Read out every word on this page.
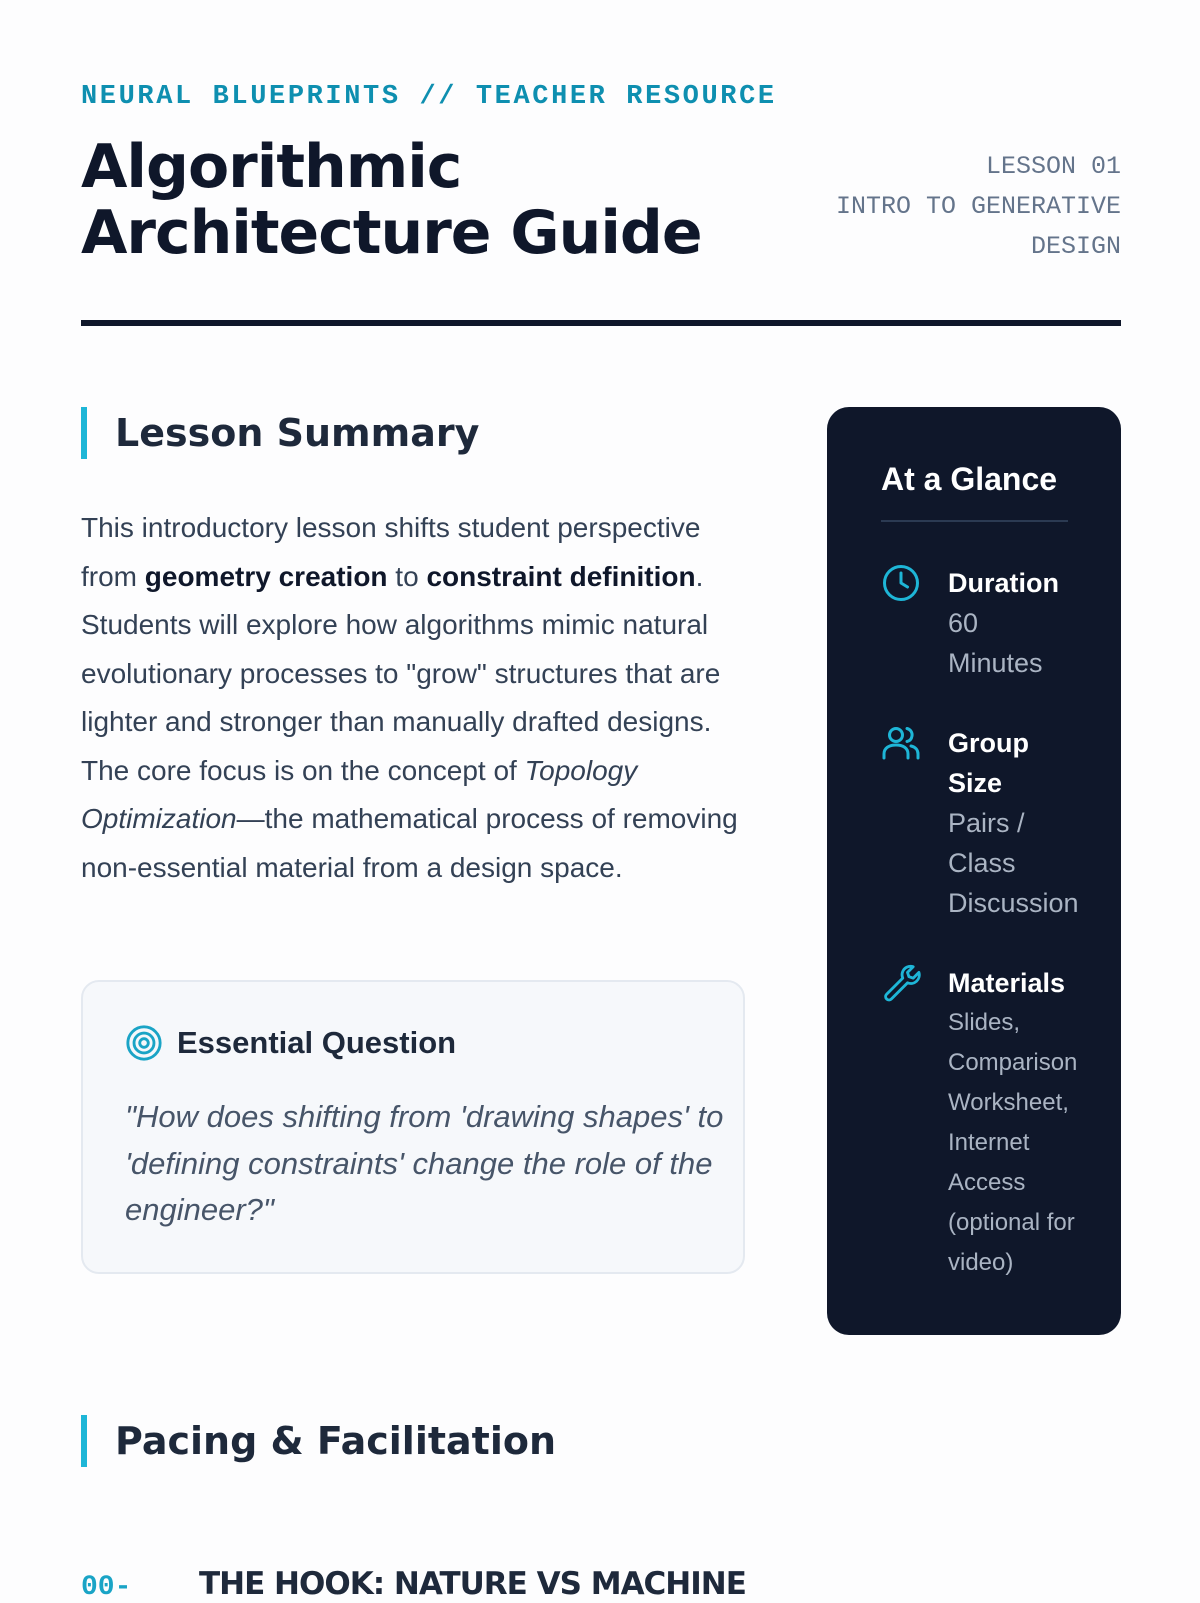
NEURAL BLUEPRINTS // TEACHER RESOURCE
Algorithmic
Architecture Guide
LESSON 01
INTRO TO GENERATIVE DESIGN
Lesson Summary

This introductory lesson shifts student perspective from geometry creation to constraint definition. Students will explore how algorithms mimic natural evolutionary processes to "grow" structures that are lighter and stronger than manually drafted designs. The core focus is on the concept of Topology Optimization—the mathematical process of removing non-essential material from a design space.

Essential Question

"How does shifting from 'drawing shapes' to 'defining constraints' change the role of the engineer?"

At a Glance
Duration
60 Minutes
Group Size
Pairs / Class Discussion
Materials
Slides, Comparison Worksheet, Internet Access (optional for video)
Pacing & Facilitation
00- THE HOOK: NATURE VS MACHINE
